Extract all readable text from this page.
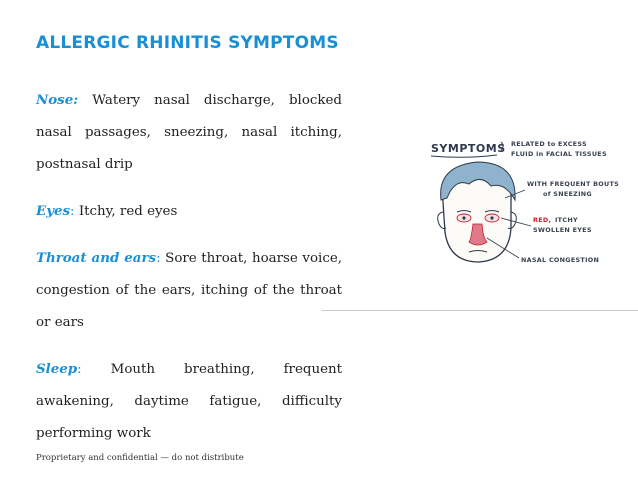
ALLERGIC RHINITIS SYMPTOMS

Nose: Watery nasal discharge, blocked nasal passages, sneezing, nasal itching, postnasal drip

Eyes: Itchy, red eyes

Throat and ears: Sore throat, hoarse voice, congestion of the ears, itching of the throat or ears

Sleep: Mouth breathing, frequent awakening, daytime fatigue, difficulty performing work

SYMPTOMS RELATED to EXCESS
FLUID in FACIAL TISSUES
WITH FREQUENT BOUTS
of SNEEZING
RED, ITCHY
SWOLLEN EYES
NASAL CONGESTION
Proprietary and confidential — do not distribute
